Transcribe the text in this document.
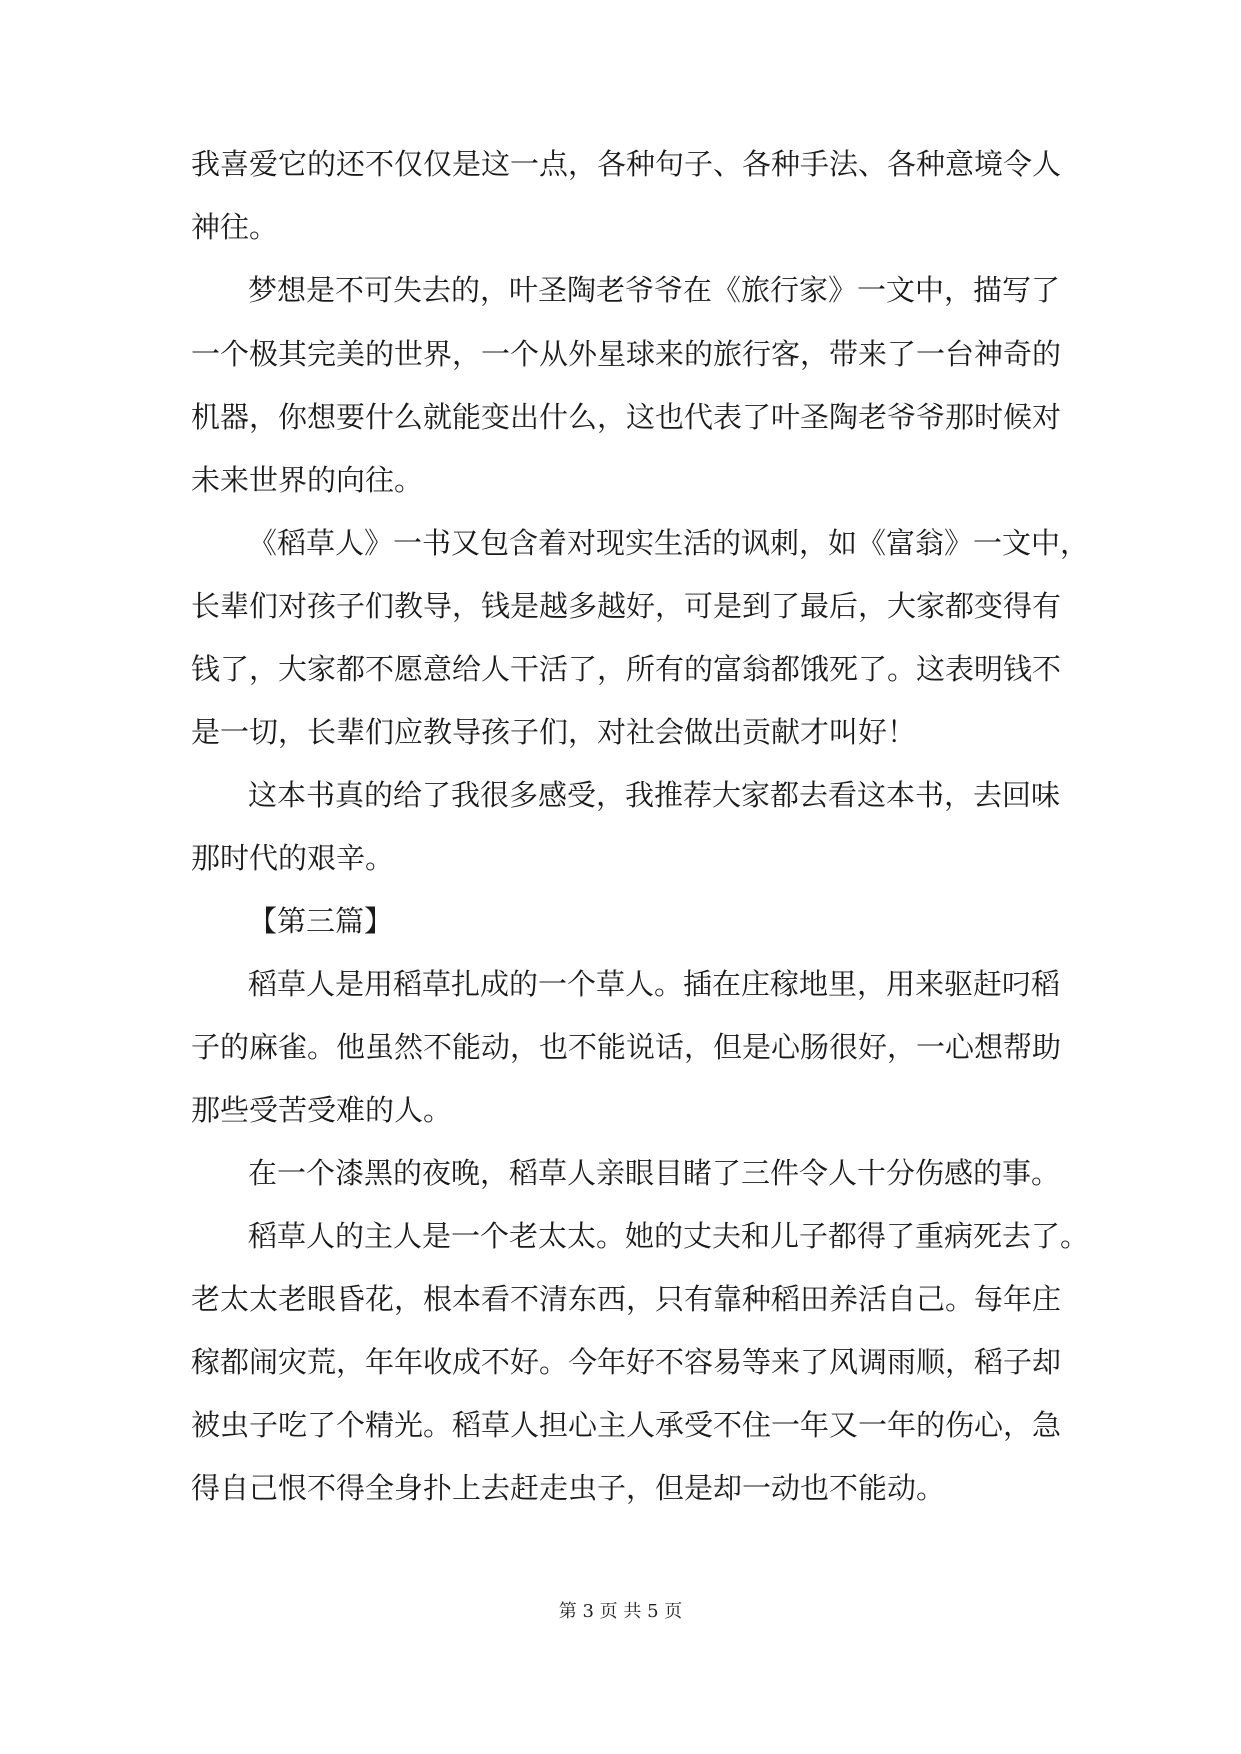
我喜爱它的还不仅仅是这一点，各种句子、各种手法、各种意境令人

神往。

梦想是不可失去的，叶圣陶老爷爷在《旅行家》一文中，描写了

一个极其完美的世界，一个从外星球来的旅行客，带来了一台神奇的

机器，你想要什么就能变出什么，这也代表了叶圣陶老爷爷那时候对

未来世界的向往。

《稻草人》一书又包含着对现实生活的讽刺，如《富翁》一文中，

长辈们对孩子们教导，钱是越多越好，可是到了最后，大家都变得有

钱了，大家都不愿意给人干活了，所有的富翁都饿死了。这表明钱不

是一切，长辈们应教导孩子们，对社会做出贡献才叫好！

这本书真的给了我很多感受，我推荐大家都去看这本书，去回味

那时代的艰辛。

【第三篇】

稻草人是用稻草扎成的一个草人。插在庄稼地里，用来驱赶叼稻

子的麻雀。他虽然不能动，也不能说话，但是心肠很好，一心想帮助

那些受苦受难的人。

在一个漆黑的夜晚，稻草人亲眼目睹了三件令人十分伤感的事。

稻草人的主人是一个老太太。她的丈夫和儿子都得了重病死去了。

老太太老眼昏花，根本看不清东西，只有靠种稻田养活自己。每年庄

稼都闹灾荒，年年收成不好。今年好不容易等来了风调雨顺，稻子却

被虫子吃了个精光。稻草人担心主人承受不住一年又一年的伤心，急

得自己恨不得全身扑上去赶走虫子，但是却一动也不能动。

第 3 页 共 5 页
